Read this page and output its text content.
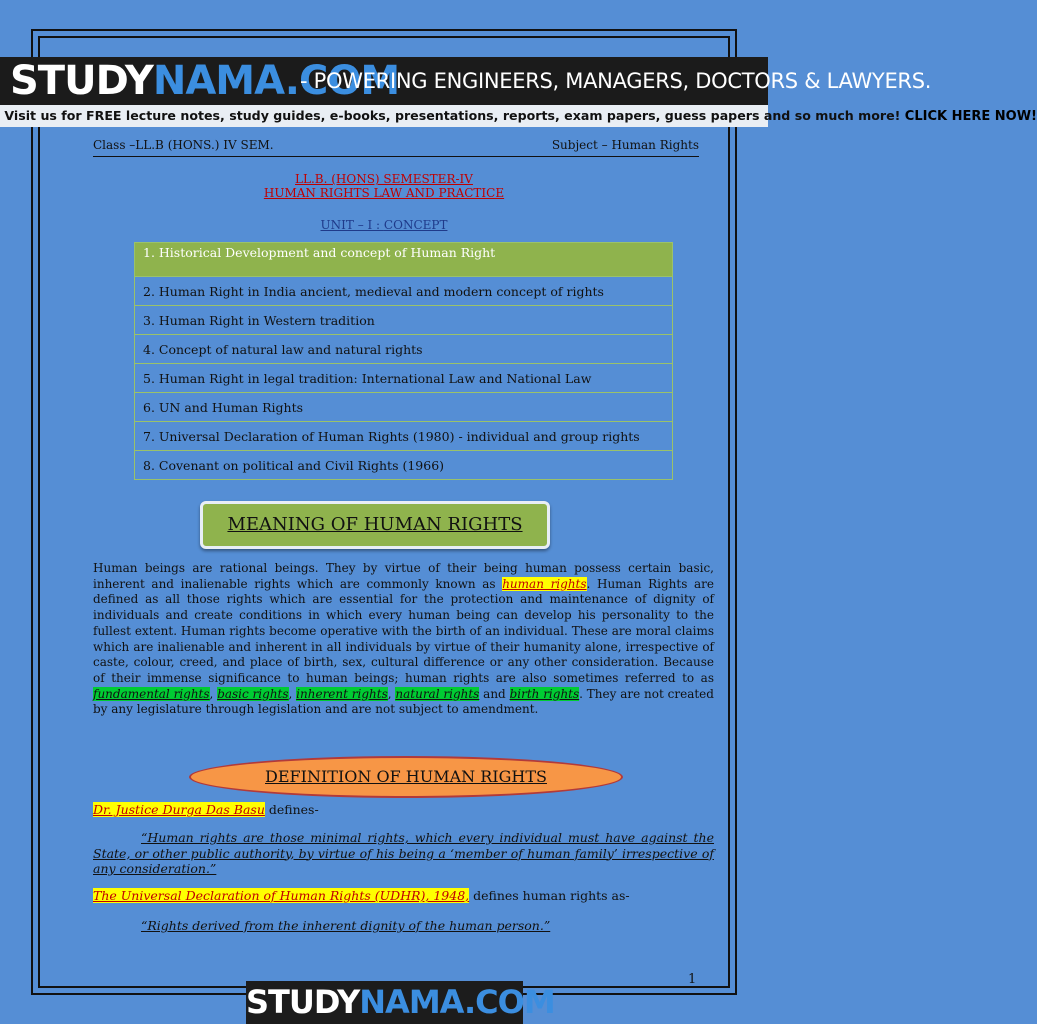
STUDYNAMA.COM
- POWERING ENGINEERS, MANAGERS, DOCTORS & LAWYERS.
Visit us for FREE lecture notes, study guides, e-books, presentations, reports, exam papers, guess papers and so much more! CLICK HERE NOW!
Class –LL.B (HONS.) IV SEM.	Subject – Human Rights
LL.B. (HONS) SEMESTER-IV
HUMAN RIGHTS LAW AND PRACTICE
UNIT – I : CONCEPT
1. Historical Development and concept of Human Right
2. Human Right in India ancient, medieval and modern concept of rights
3. Human Right in Western tradition
4. Concept of natural law and natural rights
5. Human Right in legal tradition: International Law and National Law
6. UN and Human Rights
7. Universal Declaration of Human Rights (1980) - individual and group rights
8. Covenant on political and Civil Rights (1966)
MEANING OF HUMAN RIGHTS
Human beings are rational beings. They by virtue of their being human possess certain basic, inherent and inalienable rights which are commonly known as human rights. Human Rights are defined as all those rights which are essential for the protection and maintenance of dignity of individuals and create conditions in which every human being can develop his personality to the fullest extent. Human rights become operative with the birth of an individual. These are moral claims which are inalienable and inherent in all individuals by virtue of their humanity alone, irrespective of caste, colour, creed, and place of birth, sex, cultural difference or any other consideration. Because of their immense significance to human beings; human rights are also sometimes referred to as fundamental rights, basic rights, inherent rights, natural rights and birth rights. They are not created by any legislature through legislation and are not subject to amendment.
DEFINITION OF HUMAN RIGHTS
Dr. Justice Durga Das Basu defines-
“Human rights are those minimal rights, which every individual must have against the State, or other public authority, by virtue of his being a ‘member of human family’ irrespective of any consideration.”
The Universal Declaration of Human Rights (UDHR), 1948, defines human rights as-
“Rights derived from the inherent dignity of the human person.”
1
STUDYNAMA.COM
